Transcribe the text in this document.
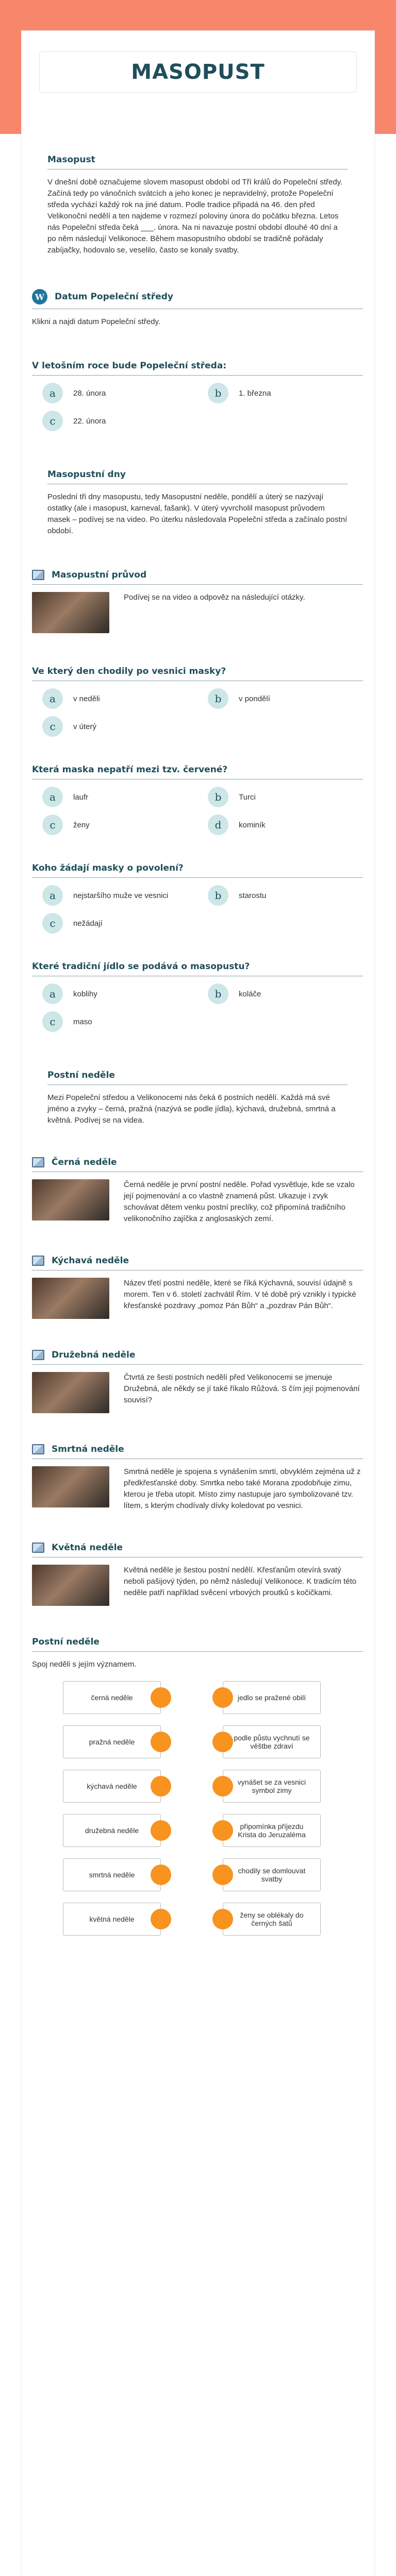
MASOPUST
Masopust
V dnešní době označujeme slovem masopust období od Tří králů do Popeleční středy. Začíná tedy po vánočních svátcích a jeho konec je nepravidelný, protože Popeleční středa vychází každý rok na jiné datum. Podle tradice připadá na 46. den před Velikonoční nedělí a ten najdeme v rozmezí poloviny února do počátku března. Letos nás Popeleční středa čeká ___. února. Na ni navazuje postní období dlouhé 40 dní a po něm následují Velikonoce. Během masopustního období se tradičně pořádaly zabíjačky, hodovalo se, veselilo, často se konaly svatby.
W	Datum Popeleční středy
Klikni a najdi datum Popeleční středy.
V letošním roce bude Popeleční středa:
a	28. února	b	1. března
c	22. února
Masopustní dny
Poslední tři dny masopustu, tedy Masopustní neděle, pondělí a úterý se nazývají ostatky (ale i masopust, karneval, fašank). V úterý vyvrcholil masopust průvodem masek – podívej se na video. Po úterku následovala Popeleční středa a začínalo postní období.
Masopustní průvod
Podívej se na video a odpověz na následující otázky.
Ve který den chodily po vesnici masky?
a	v neděli	b	v pondělí
c	v úterý
Která maska nepatří mezi tzv. červené?
a	laufr	b	Turci
c	ženy	d	kominík
Koho žádají masky o povolení?
a	nejstaršího muže ve vesnici	b	starostu
c	nežádají
Které tradiční jídlo se podává o masopustu?
a	koblihy	b	koláče
c	maso
Postní neděle
Mezi Popeleční středou a Velikonocemi nás čeká 6 postních nedělí. Každá má své jméno a zvyky – černá, pražná (nazývá se podle jídla), kýchavá, družebná, smrtná a květná. Podívej se na videa.
Černá neděle
Černá neděle je první postní neděle. Pořad vysvětluje, kde se vzalo její pojmenování a co vlastně znamená půst. Ukazuje i zvyk schovávat dětem venku postní preclíky, což připomíná tradičního velikonočního zajíčka z anglosaských zemí.
Kýchavá neděle
Název třetí postní neděle, které se říká Kýchavná, souvisí údajně s morem. Ten v 6. století zachvátil Řím. V té době prý vznikly i typické křesťanské pozdravy „pomoz Pán Bůh“ a „pozdrav Pán Bůh“.
Družebná neděle
Čtvrtá ze šesti postních nedělí před Velikonocemi se jmenuje Družebná, ale někdy se jí také říkalo Růžová. S čím její pojmenování souvisí?
Smrtná neděle
Smrtná neděle je spojena s vynášením smrti, obvyklém zejména už z předkřesťanské doby. Smrtka nebo také Morana zpodobňuje zimu, kterou je třeba utopit. Místo zimy nastupuje jaro symbolizované tzv. lítem, s kterým chodívaly dívky koledovat po vesnici.
Květná neděle
Květná neděle je šestou postní nedělí. Křesťanům otevírá svatý neboli pašijový týden, po němž následují Velikonoce. K tradicím této neděle patří například svěcení vrbových proutků s kočičkami.
Postní neděle
Spoj neděli s jejím významem.
černá neděle	jedlo se pražené obilí
pražná neděle	podle půstu vychnutí se věštbe zdraví
kýchavá neděle	vynášet se za vesnici symbol zimy
družebná neděle	připomínka příjezdu Krista do Jeruzaléma
smrtná neděle	chodily se domlouvat svatby
květná neděle	ženy se oblékaly do černých šatů
